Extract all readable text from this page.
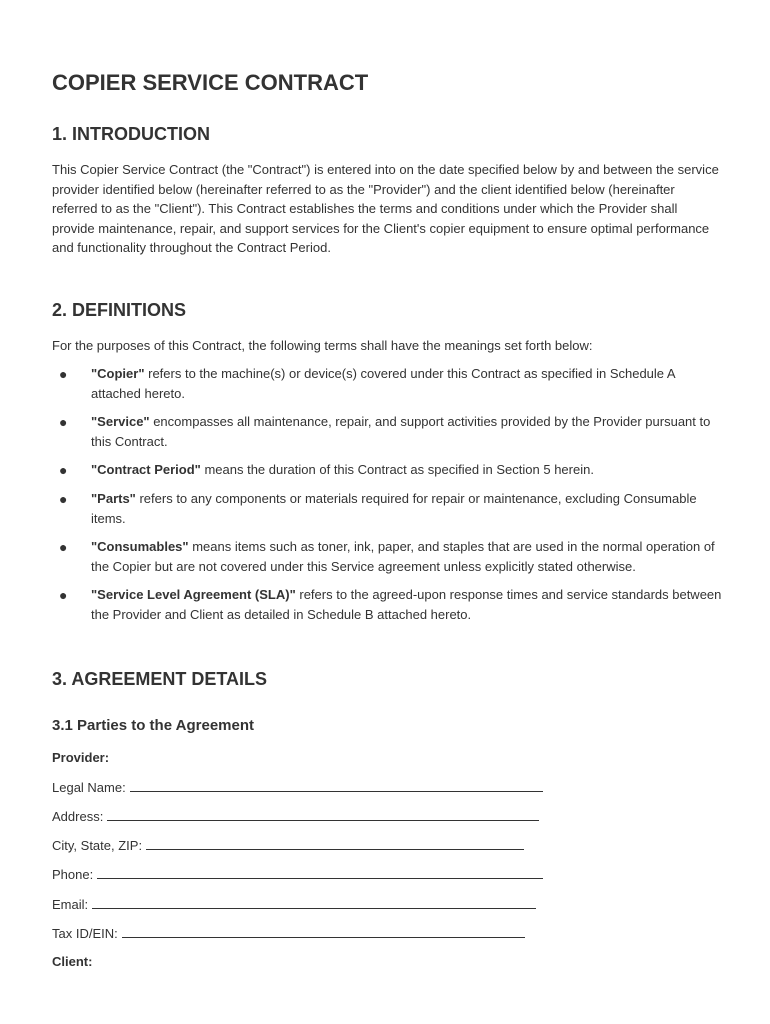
COPIER SERVICE CONTRACT
1. INTRODUCTION

This Copier Service Contract (the "Contract") is entered into on the date specified below by and between the service provider identified below (hereinafter referred to as the "Provider") and the client identified below (hereinafter referred to as the "Client"). This Contract establishes the terms and conditions under which the Provider shall provide maintenance, repair, and support services for the Client's copier equipment to ensure optimal performance and functionality throughout the Contract Period.

2. DEFINITIONS

For the purposes of this Contract, the following terms shall have the meanings set forth below:

● "Copier" refers to the machine(s) or device(s) covered under this Contract as specified in Schedule A attached hereto.
● "Service" encompasses all maintenance, repair, and support activities provided by the Provider pursuant to this Contract.
● "Contract Period" means the duration of this Contract as specified in Section 5 herein.
● "Parts" refers to any components or materials required for repair or maintenance, excluding Consumable items.
● "Consumables" means items such as toner, ink, paper, and staples that are used in the normal operation of the Copier but are not covered under this Service agreement unless explicitly stated otherwise.
● "Service Level Agreement (SLA)" refers to the agreed-upon response times and service standards between the Provider and Client as detailed in Schedule B attached hereto.
3. AGREEMENT DETAILS
3.1 Parties to the Agreement
Provider:
Legal Name:
Address:
City, State, ZIP:
Phone:
Email:
Tax ID/EIN:
Client:
